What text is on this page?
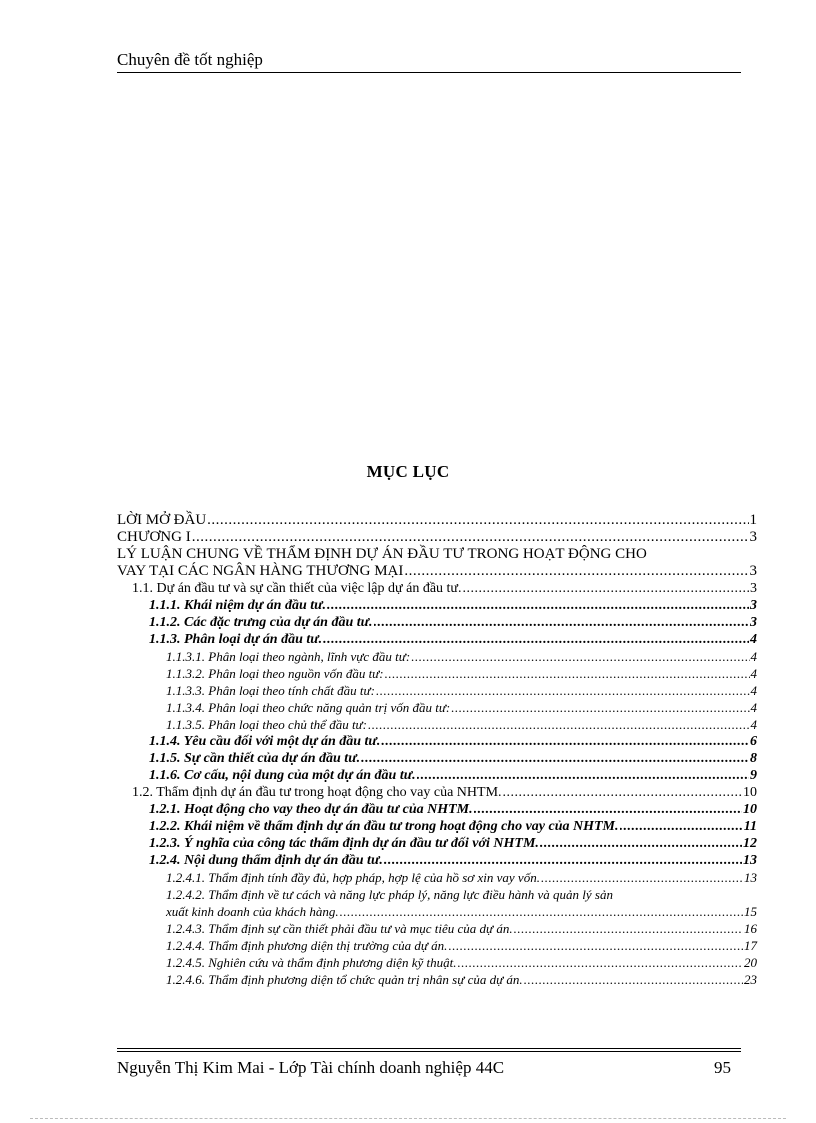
Chuyên đề tốt nghiệp
MỤC LỤC
LỜI MỞ ĐẦU .....	1
CHƯƠNG I .....	3
LÝ LUẬN CHUNG VỀ THẨM ĐỊNH DỰ ÁN ĐẦU TƯ TRONG HOẠT ĐỘNG CHO
VAY TẠI CÁC NGÂN HÀNG THƯƠNG MẠI .....	3
1.1. Dự án đầu tư và sự cần thiết của việc lập dự án đầu tư. .....	3
1.1.1. Khái niệm dự án đầu tư. .....	3
1.1.2. Các đặc trưng của dự án đầu tư. .....	3
1.1.3. Phân loại dự án đầu tư. .....	4
1.1.3.1. Phân loại theo ngành, lĩnh vực đầu tư: .....	4
1.1.3.2. Phân loại theo nguồn vốn đầu tư: .....	4
1.1.3.3. Phân loại theo tính chất đầu tư: .....	4
1.1.3.4. Phân loại theo chức năng quản trị vốn đầu tư: .....	4
1.1.3.5. Phân loại theo chủ thể đầu tư: .....	4
1.1.4. Yêu cầu đối với một dự án đầu tư. .....	6
1.1.5. Sự cần thiết của dự án đầu tư. .....	8
1.1.6. Cơ cấu, nội dung của một dự án đầu tư. .....	9
1.2. Thẩm định dự án đầu tư trong hoạt động cho vay của NHTM. .....	10
1.2.1. Hoạt động cho vay theo dự án đầu tư của NHTM. .....	10
1.2.2. Khái niệm về thẩm định dự án đầu tư trong hoạt động cho vay của NHTM. .....	11
1.2.3. Ý nghĩa của công tác thẩm định dự án đầu tư đối với NHTM. .....	12
1.2.4. Nội dung thẩm định dự án đầu tư. .....	13
1.2.4.1. Thẩm định tính đầy đủ, hợp pháp, hợp lệ của hồ sơ xin vay vốn. .....	13
1.2.4.2. Thẩm định về tư cách và năng lực pháp lý, năng lực điều hành và quản lý sản
xuất kinh doanh của khách hàng. .....	15
1.2.4.3. Thẩm định sự cần thiết phải đầu tư và mục tiêu của dự án. .....	16
1.2.4.4. Thẩm định phương diện thị trường của dự án. .....	17
1.2.4.5. Nghiên cứu và thẩm định phương diện kỹ thuật. .....	20
1.2.4.6. Thẩm định phương diện tổ chức quản trị nhân sự của dự án. .....	23
Nguyễn Thị Kim Mai - Lớp Tài chính doanh nghiệp 44C	95
